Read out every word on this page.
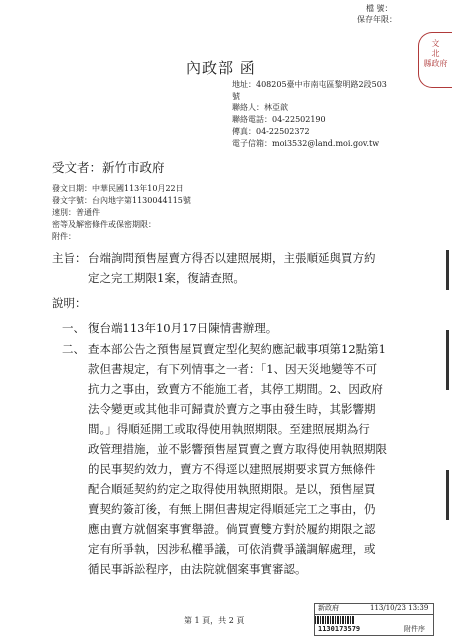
檔 號：
保存年限：
文
北
縣政府
內政部 函
地址：408205臺中市南屯區黎明路2段503
號
聯絡人：林亞歆
聯絡電話：04-22502190
傳真：04-22502372
電子信箱：moi3532@land.moi.gov.tw
受文者：新竹市政府
發文日期：中華民國113年10月22日
發文字號：台內地字第1130044115號
速別：普通件
密等及解密條件或保密期限：
附件：
主旨： 台端詢問預售屋賣方得否以建照展期，主張順延與買方約
定之完工期限1案，復請查照。
說明：
一、 復台端113年10月17日陳情書辦理。
二、 查本部公告之預售屋買賣定型化契約應記載事項第12點第1
款但書規定，有下列情事之一者：「1、因天災地變等不可
抗力之事由，致賣方不能施工者，其停工期間。2、因政府
法令變更或其他非可歸責於賣方之事由發生時，其影響期
間。」得順延開工或取得使用執照期限。至建照展期為行
政管理措施，並不影響預售屋買賣之賣方取得使用執照期限
的民事契約效力，賣方不得逕以建照展期要求買方無條件
配合順延契約約定之取得使用執照期限。是以，預售屋買
賣契約簽訂後，有無上開但書規定得順延完工之事由，仍
應由賣方就個案事實舉證。倘買賣雙方對於履約期限之認
定有所爭執，因涉私權爭議，可依消費爭議調解處理，或
循民事訴訟程序，由法院就個案事實審認。
第 1 頁，共 2 頁
新政府	113/10/23 13:39
1130173579	附件序
